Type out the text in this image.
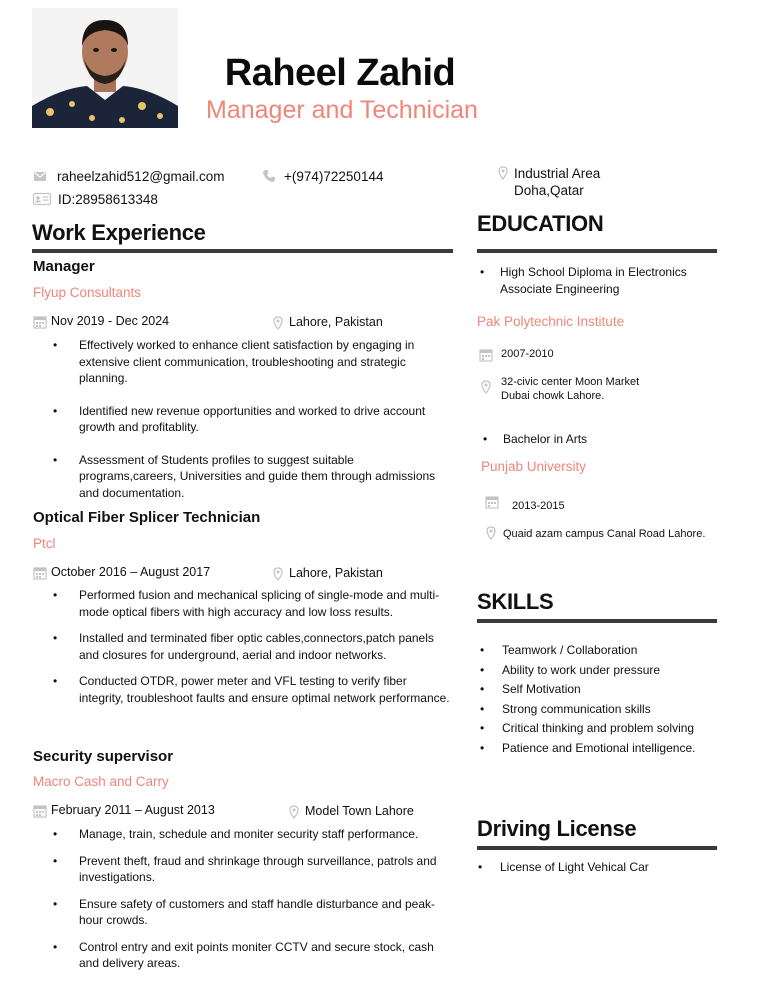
Raheel Zahid
Manager and Technician
raheelzahid512@gmail.com	+(974)72250144
ID:28958613348
Industrial Area
Doha,Qatar
Work Experience
Manager
Flyup Consultants
Nov 2019 - Dec 2024	Lahore, Pakistan
• Effectively worked to enhance client satisfaction by engaging in extensive client communication, troubleshooting and strategic planning.
• Identified new revenue opportunities and worked to drive account growth and profitablity.
• Assessment of Students profiles to suggest suitable programs,careers, Universities and guide them through admissions and documentation.
Optical Fiber Splicer Technician
Ptcl
October 2016 – August 2017	Lahore, Pakistan
• Performed fusion and mechanical splicing of single-mode and multi-mode optical fibers with high accuracy and low loss results.
• Installed and terminated fiber optic cables,connectors,patch panels and closures for underground, aerial and indoor networks.
• Conducted OTDR, power meter and VFL testing to verify fiber integrity, troubleshoot faults and ensure optimal network performance.
Security supervisor
Macro Cash and Carry
February 2011 – August 2013	Model Town Lahore
• Manage, train, schedule and moniter security staff performance.
• Prevent theft, fraud and shrinkage through surveillance, patrols and investigations.
• Ensure safety of customers and staff handle disturbance and peak-hour crowds.
• Control entry and exit points moniter CCTV and secure stock, cash and delivery areas.
EDUCATION
• High School Diploma in Electronics Associate Engineering
Pak Polytechnic Institute
2007-2010
32-civic center Moon Market
Dubai chowk Lahore.
• Bachelor in Arts
Punjab University
2013-2015
Quaid azam campus Canal Road Lahore.
SKILLS
• Teamwork / Collaboration
• Ability to work under pressure
• Self Motivation
• Strong communication skills
• Critical thinking and problem solving
• Patience and Emotional intelligence.
Driving License
• License of Light Vehical Car
